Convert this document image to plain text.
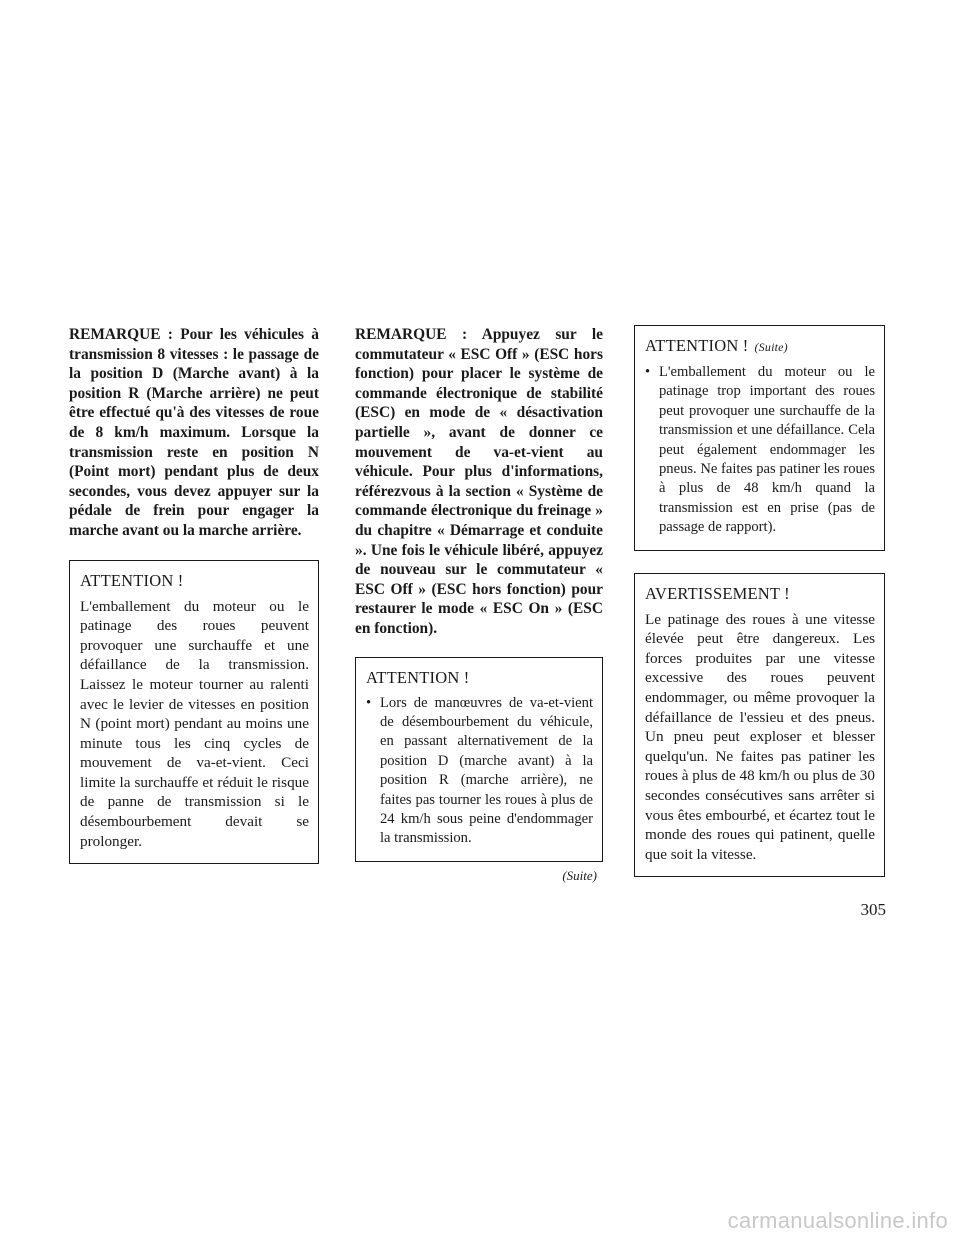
REMARQUE : Pour les véhicules à transmission 8 vitesses : le passage de la position D (Marche avant) à la position R (Marche arrière) ne peut être effectué qu'à des vitesses de roue de 8 km/h maximum. Lorsque la transmission reste en position N (Point mort) pendant plus de deux secondes, vous devez appuyer sur la pédale de frein pour engager la marche avant ou la marche arrière.

ATTENTION !

L'emballement du moteur ou le patinage des roues peuvent provoquer une surchauffe et une défaillance de la transmission. Laissez le moteur tourner au ralenti avec le levier de vitesses en position N (point mort) pendant au moins une minute tous les cinq cycles de mouvement de va-et-vient. Ceci limite la surchauffe et réduit le risque de panne de transmission si le désembourbement devait se prolonger.

REMARQUE : Appuyez sur le commutateur « ESC Off » (ESC hors fonction) pour placer le système de commande électronique de stabilité (ESC) en mode de « désactivation partielle », avant de donner ce mouvement de va-et-vient au véhicule. Pour plus d'informations, référezvous à la section « Système de commande électronique du freinage » du chapitre « Démarrage et conduite ». Une fois le véhicule libéré, appuyez de nouveau sur le commutateur « ESC Off » (ESC hors fonction) pour restaurer le mode « ESC On » (ESC en fonction).

ATTENTION !

• Lors de manœuvres de va-et-vient de désembourbement du véhicule, en passant alternativement de la position D (marche avant) à la position R (marche arrière), ne faites pas tourner les roues à plus de 24 km/h sous peine d'endommager la transmission.

(Suite)
ATTENTION ! (Suite)

• L'emballement du moteur ou le patinage trop important des roues peut provoquer une surchauffe de la transmission et une défaillance. Cela peut également endommager les pneus. Ne faites pas patiner les roues à plus de 48 km/h quand la transmission est en prise (pas de passage de rapport).

AVERTISSEMENT !

Le patinage des roues à une vitesse élevée peut être dangereux. Les forces produites par une vitesse excessive des roues peuvent endommager, ou même provoquer la défaillance de l'essieu et des pneus. Un pneu peut exploser et blesser quelqu'un. Ne faites pas patiner les roues à plus de 48 km/h ou plus de 30 secondes consécutives sans arrêter si vous êtes embourbé, et écartez tout le monde des roues qui patinent, quelle que soit la vitesse.

305
carmanualsonline.info
